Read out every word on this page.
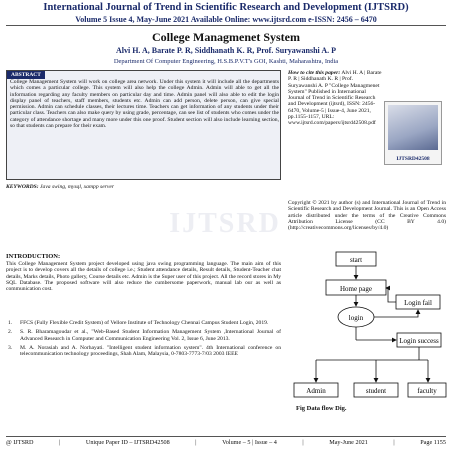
International Journal of Trend in Scientific Research and Development (IJTSRD)
Volume 5 Issue 4, May-June 2021 Available Online: www.ijtsrd.com e-ISSN: 2456 – 6470
College Managmenet System
Alvi H. A, Barate P. R, Siddhanath K. R, Prof. Suryawanshi A. P
Department Of Computer Engineering, H.S.B.P.V.T's GOI, Kashti, Maharashtra, India
ABSTRACT
College Management System will work on college area network. Under this system it will include all the departments which comes a particular college. This system will also help the college Admin. Admin will able to get all the information regarding any faculty members on particular day and time. Admin panel will also able to edit the login display panel of teachers, staff members, students etc. Admin can add person, delete person, can give special permission. Admin can schedule classes, their lectures time. Teachers can get information of any students under their particular class. Teachers can also make query by using grade, percentage, can see list of students who comes under the category of attendance shortage and many more under this one proof. Student section will also include learning section, so that students can prepare for their exam.
KEYWORDS: Java swing, mysql, xampp server
How to cite this paper: Alvi H. A | Barate P. R | Siddhanath K. R | Prof. Suryawanshi A. P "College Managmenet System" Published in International Journal of Trend in Scientific Research and Development (ijtsrd), ISSN: 2456-6470, Volume-5 | Issue-4, June 2021, pp.1155-1157, URL: www.ijtsrd.com/papers/ijtsrd42508.pdf
IJTSRD42508
Copyright © 2021 by author (s) and International Journal of Trend in Scientific Research and Development Journal. This is an Open Access article distributed under the terms of the Creative Commons Attribution License (CC BY 4.0) (http://creativecommons.org/licenses/by/4.0)
IJTSRD
INTRODUCTION:
This College Management System project developed using java swing programming language. The main aim of this project is to develop covers all the details of college i.e.; Student attendance details, Result details, Student-Teacher chat details, Marks details, Photo gallery, Course details etc. Admin is the Super user of this project. All the record stores in My SQL Database. The proposed software will also reduce the cumbersome paperwork, manual lab our as well as communication cost.
1. FFCS (Fully Flexible Credit System) of Vellore Institute of Technology Chennai Campus Student Login, 2019.
2. S. R. Bharamagoudar et al., "Web-Based Student Information Management System ,International Journal of Advanced Research in Computer and Communication Engineering Vol. 2, Issue 6, June 2013.
3. M. A. Norasiah and A. Norhayati. "Intelligent student information system". 4th International conference on telecommunication technology proceedings, Shah Alam, Malaysia, 0-7803-7773-7/03 2003 IEEE
start
Home page
Login fail
login
Login success
Admin	student	faculty
Fig Data flow Dig.
@ IJTSRD	|	Unique Paper ID – IJTSRD42508	|	Volume – 5 | Issue – 4	|	May-June 2021	|	Page 1155
